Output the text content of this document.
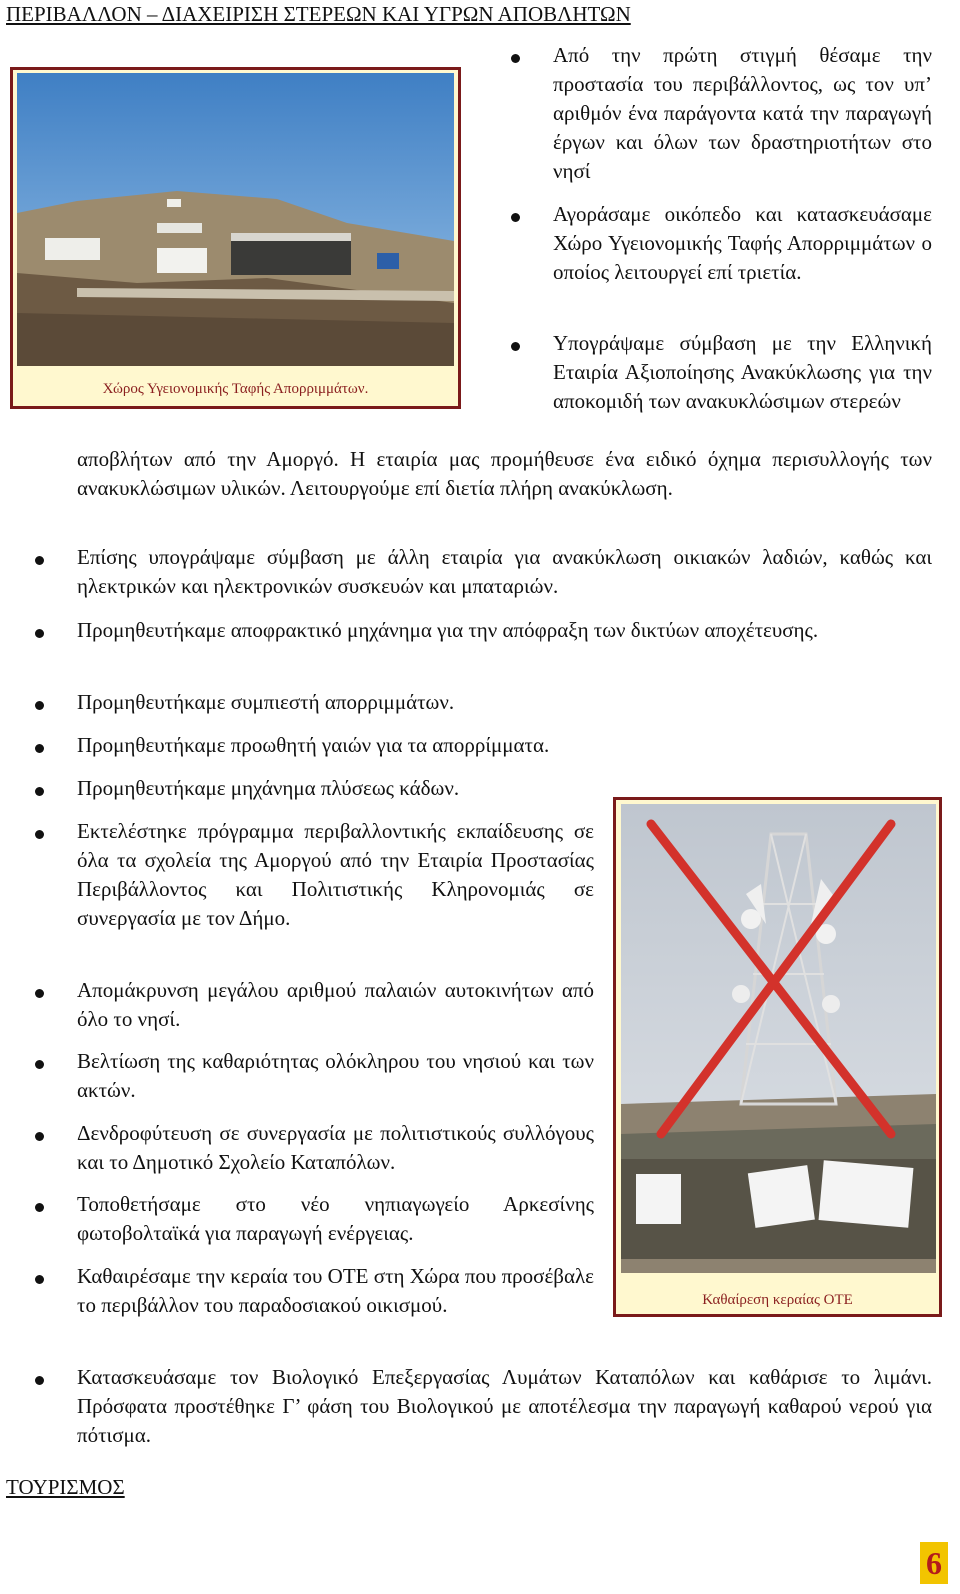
ΠΕΡΙΒΑΛΛΟΝ – ΔΙΑΧΕΙΡΙΣΗ ΣΤΕΡΕΩΝ ΚΑΙ ΥΓΡΩΝ ΑΠΟΒΛΗΤΩΝ
Χώρος Υγειονομικής Ταφής Απορριμμάτων.

Από την πρώτη στιγμή θέσαμε την προστασία του περιβάλλοντος, ως τον υπ’ αριθμόν ένα παράγοντα κατά την παραγωγή έργων και όλων των δραστηριοτήτων στο νησί

Αγοράσαμε οικόπεδο και κατασκευάσαμε Χώρο Υγειονομικής Ταφής Απορριμμάτων ο οποίος λειτουργεί επί τριετία.

Υπογράψαμε σύμβαση με την Ελληνική Εταιρία Αξιοποίησης Ανακύκλωσης για την αποκομιδή των ανακυκλώσιμων στερεών

αποβλήτων από την Αμοργό. Η εταιρία μας προμήθευσε ένα ειδικό όχημα περισυλλογής των ανακυκλώσιμων υλικών. Λειτουργούμε επί διετία πλήρη ανακύκλωση.

Επίσης υπογράψαμε σύμβαση με άλλη εταιρία για ανακύκλωση οικιακών λαδιών, καθώς και ηλεκτρικών και ηλεκτρονικών συσκευών και μπαταριών.

Προμηθευτήκαμε αποφρακτικό μηχάνημα για την απόφραξη των δικτύων αποχέτευσης.

Προμηθευτήκαμε συμπιεστή απορριμμάτων.

Προμηθευτήκαμε προωθητή γαιών για τα απορρίμματα.

Προμηθευτήκαμε μηχάνημα πλύσεως κάδων.

Καθαίρεση κεραίας ΟΤΕ

Εκτελέστηκε πρόγραμμα περιβαλλοντικής εκπαίδευσης σε όλα τα σχολεία της Αμοργού από την Εταιρία Προστασίας Περιβάλλοντος και Πολιτιστικής Κληρονομιάς σε συνεργασία με τον Δήμο.

Απομάκρυνση μεγάλου αριθμού παλαιών αυτοκινήτων από όλο το νησί.

Βελτίωση της καθαριότητας ολόκληρου του νησιού και των ακτών.

Δενδροφύτευση σε συνεργασία με πολιτιστικούς συλλόγους και το Δημοτικό Σχολείο Καταπόλων.

Τοποθετήσαμε στο νέο νηπιαγωγείο Αρκεσίνης φωτοβολταϊκά για παραγωγή ενέργειας.

Καθαιρέσαμε την κεραία του ΟΤΕ στη Χώρα που προσέβαλε το περιβάλλον του παραδοσιακού οικισμού.

Κατασκευάσαμε τον Βιολογικό Επεξεργασίας Λυμάτων Καταπόλων και καθάρισε το λιμάνι. Πρόσφατα προστέθηκε Γ’ φάση του Βιολογικού με αποτέλεσμα την παραγωγή καθαρού νερού για πότισμα.

ΤΟΥΡΙΣΜΟΣ
6
